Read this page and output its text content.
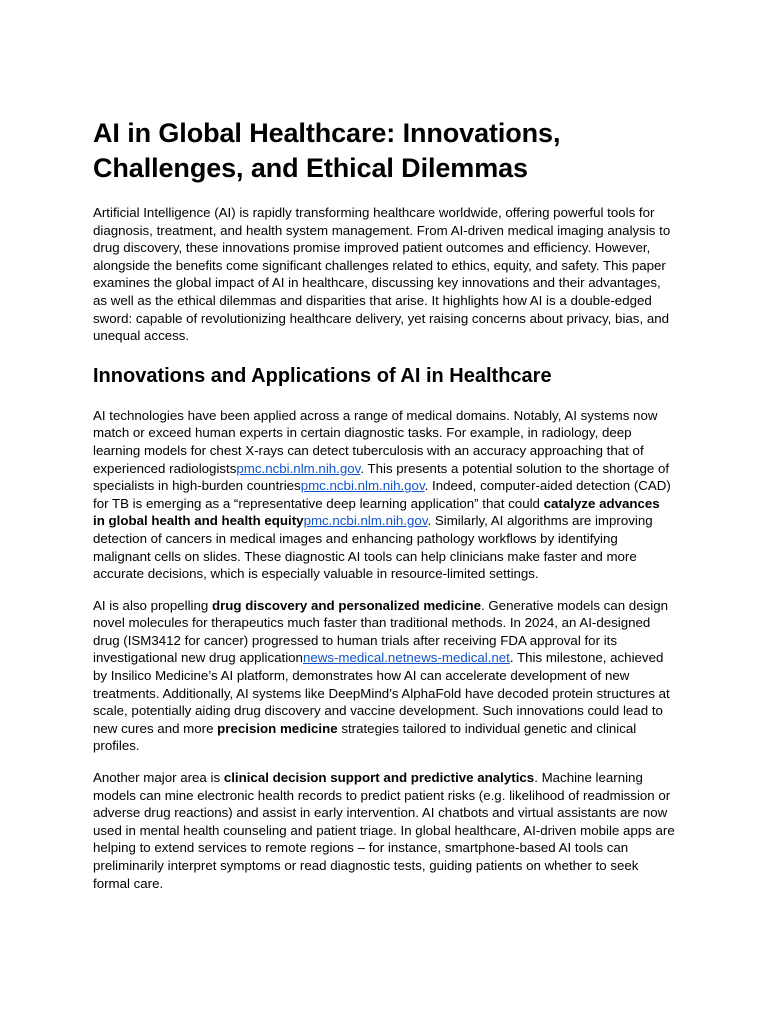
AI in Global Healthcare: Innovations, Challenges, and Ethical Dilemmas

Artificial Intelligence (AI) is rapidly transforming healthcare worldwide, offering powerful tools for diagnosis, treatment, and health system management. From AI-driven medical imaging analysis to drug discovery, these innovations promise improved patient outcomes and efficiency. However, alongside the benefits come significant challenges related to ethics, equity, and safety. This paper examines the global impact of AI in healthcare, discussing key innovations and their advantages, as well as the ethical dilemmas and disparities that arise. It highlights how AI is a double-edged sword: capable of revolutionizing healthcare delivery, yet raising concerns about privacy, bias, and unequal access.

Innovations and Applications of AI in Healthcare

AI technologies have been applied across a range of medical domains. Notably, AI systems now match or exceed human experts in certain diagnostic tasks. For example, in radiology, deep learning models for chest X-rays can detect tuberculosis with an accuracy approaching that of experienced radiologistspmc.ncbi.nlm.nih.gov. This presents a potential solution to the shortage of specialists in high-burden countriespmc.ncbi.nlm.nih.gov. Indeed, computer-aided detection (CAD) for TB is emerging as a “representative deep learning application” that could catalyze advances in global health and health equitypmc.ncbi.nlm.nih.gov. Similarly, AI algorithms are improving detection of cancers in medical images and enhancing pathology workflows by identifying malignant cells on slides. These diagnostic AI tools can help clinicians make faster and more accurate decisions, which is especially valuable in resource-limited settings.

AI is also propelling drug discovery and personalized medicine. Generative models can design novel molecules for therapeutics much faster than traditional methods. In 2024, an AI-designed drug (ISM3412 for cancer) progressed to human trials after receiving FDA approval for its investigational new drug applicationnews-medical.netnews-medical.net. This milestone, achieved by Insilico Medicine’s AI platform, demonstrates how AI can accelerate development of new treatments. Additionally, AI systems like DeepMind’s AlphaFold have decoded protein structures at scale, potentially aiding drug discovery and vaccine development. Such innovations could lead to new cures and more precision medicine strategies tailored to individual genetic and clinical profiles.

Another major area is clinical decision support and predictive analytics. Machine learning models can mine electronic health records to predict patient risks (e.g. likelihood of readmission or adverse drug reactions) and assist in early intervention. AI chatbots and virtual assistants are now used in mental health counseling and patient triage. In global healthcare, AI-driven mobile apps are helping to extend services to remote regions – for instance, smartphone-based AI tools can preliminarily interpret symptoms or read diagnostic tests, guiding patients on whether to seek formal care.
